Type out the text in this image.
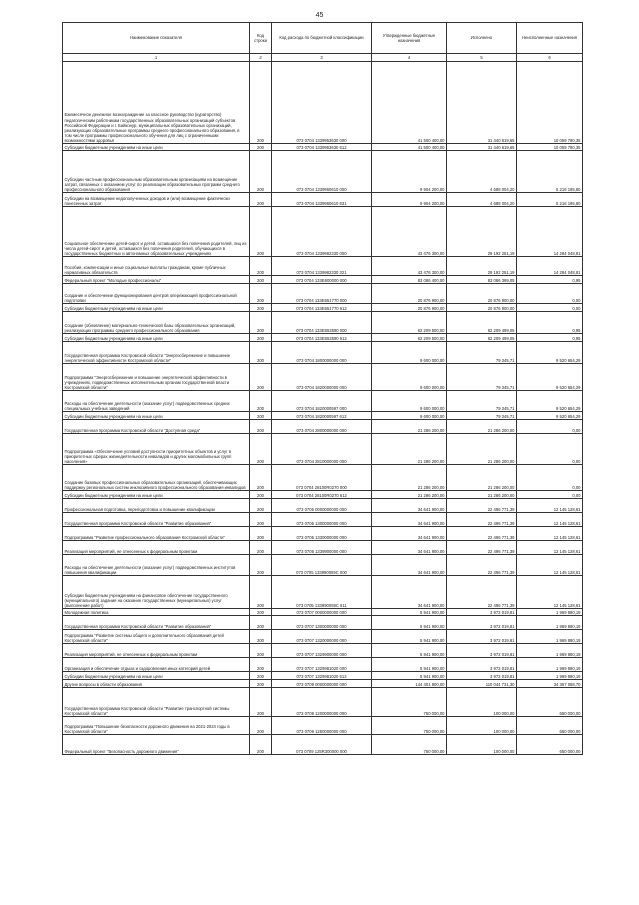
45
Наименование показателя	Код строки	Код расхода по бюджетной классификации	Утвержденные бюджетные назначения	Исполнено	Неисполненные назначения
1	2	3	4	5	6
Ежемесячное денежное вознаграждение за классное руководство (кураторство) педагогическим работникам государственных образовательных организаций субъектов Российской Федерации и г. Байконур, муниципальных образовательных организаций, реализующих образовательные программы среднего профессионального образования, в том числе программы профессионального обучения для лиц с ограниченными возможностями здоровья	200	073 0704 1339953630 000	41 500 400,00	31 440 619,65	10 059 780,35
Субсидии бюджетным учреждениям на иные цели	200	073 0704 1339953630 612	41 500 400,00	31 440 619,65	10 059 780,35
Субсидии частным профессиональным образовательным организациям на возмещение затрат, связанных с оказанием услуг по реализации образовательных программ среднего профессионального образования	200	073 0704 1339960610 000	9 904 200,00	4 688 004,20	5 216 195,80
Субсидии на возмещение недополученных доходов и (или) возмещение фактически понесенных затрат	200	073 0704 1339960610 631	9 904 200,00	4 688 004,20	5 216 195,80
Социальное обеспечение детей-сирот и детей, оставшихся без попечения родителей, лиц из числа детей-сирот и детей, оставшихся без попечения родителей, обучающихся в государственных бюджетных и автономных образовательных учреждениях	200	073 0704 1339982330 000	43 476 300,00	29 192 251,19	14 284 048,81
Пособия, компенсации и иные социальные выплаты гражданам, кроме публичных нормативных обязательств	200	073 0704 1339982330 321	43 476 300,00	29 192 251,19	14 284 048,81
Федеральный проект "Молодые профессионалы"	200	073 0704 133E600000 000	83 086 400,00	83 086 399,05	0,95
Создание и обеспечение функционирования центров опережающей профессиональной подготовки	200	073 0704 133E651770 000	20 876 900,00	20 876 900,00	0,00
Субсидии бюджетным учреждениям на иные цели	200	073 0704 133E651770 612	20 876 900,00	20 876 900,00	0,00
Создание (обновление) материально-технической базы образовательных организаций, реализующих программы среднего профессионального образования	200	073 0704 133E653590 000	62 209 500,00	62 209 499,05	0,95
Субсидии бюджетным учреждениям на иные цели	200	073 0704 133E653590 612	62 209 500,00	62 209 499,05	0,95
Государственная программа Костромской области "Энергосбережение и повышение энергетической эффективности Костромской области"	200	073 0704 1800000000 000	9 600 000,00	79 345,71	9 520 654,29
Подпрограмма "Энергосбережение и повышение энергетической эффективности в учреждениях, подведомственных исполнительным органам государственной власти Костромской области"	200	073 0704 1820000000 000	9 600 000,00	79 345,71	9 520 654,29
Расходы на обеспечение деятельности (оказание услуг) подведомственных средних специальных учебных заведений	200	073 0704 1820000597 000	9 600 000,00	79 345,71	9 520 654,29
Субсидии бюджетным учреждениям на иные цели	200	073 0704 1820000597 612	9 600 000,00	79 345,71	9 520 654,29
Государственная программа Костромской области "Доступная среда"	200	073 0704 2800000000 000	21 286 200,00	21 286 200,00	0,00
Подпрограмма «Обеспечение условий доступности приоритетных объектов и услуг в приоритетных сферах жизнедеятельности инвалидов и других маломобильных групп населения»	200	073 0704 2810000000 000	21 286 200,00	21 286 200,00	0,00
Создание базовых профессиональных образовательных организаций, обеспечивающих поддержку региональных систем инклюзивного профессионального образования инвалидов	200	073 0704 28100R0270 000	21 286 200,00	21 286 200,00	0,00
Субсидии бюджетным учреждениям на иные цели	200	073 0704 28100R0270 612	21 286 200,00	21 286 200,00	0,00
Профессиональная подготовка, переподготовка и повышение квалификации	200	073 0705 0000000000 000	34 641 900,00	22 496 771,39	12 145 128,61
Государственная программа Костромской области "Развитие образования"	200	073 0705 1300000000 000	34 641 900,00	22 496 771,39	12 145 128,61
Подпрограмма "Развитие профессионального образования Костромской области"	200	073 0705 1330000000 000	34 641 900,00	22 496 771,39	12 145 128,61
Реализация мероприятий, не отнесенных к федеральным проектам	200	073 0705 1339900000 000	34 641 900,00	22 496 771,39	12 145 128,61
Расходы на обеспечение деятельности (оказание услуг) подведомственных институтов повышения квалификации	200	073 0705 133990059С 000	34 641 900,00	22 496 771,39	12 145 128,61
Субсидии бюджетным учреждениям на финансовое обеспечение государственного (муниципального) задания на оказание государственных (муниципальных) услуг (выполнение работ)	200	073 0705 133990059С 611	34 641 900,00	22 496 771,39	12 145 128,61
Молодежная политика	200	073 0707 0000000000 000	5 941 900,00	3 972 019,81	1 969 880,19
Государственная программа Костромской области "Развитие образования"	200	073 0707 1300000000 000	5 941 900,00	3 972 019,81	1 969 880,19
Подпрограмма "Развитие системы общего и дополнительного образования детей Костромской области"	200	073 0707 1320000000 000	5 941 900,00	3 972 019,81	1 969 880,19
Реализация мероприятий, не отнесенных к федеральным проектам	200	073 0707 1329900000 000	5 941 900,00	3 972 019,81	1 969 880,19
Организация и обеспечение отдыха и оздоровления иных категорий детей	200	073 0707 1329981020 000	5 941 900,00	3 972 019,81	1 969 880,19
Субсидии бюджетным учреждениям на иные цели	200	073 0707 1329981020 612	5 941 900,00	3 972 019,81	1 969 880,19
Другие вопросы в области образования	200	073 0709 0000000000 000	144 401 800,00	110 044 731,30	34 357 068,70
Государственная программа Костромской области "Развитие транспортной системы Костромской области"	200	073 0709 1200000000 000	750 000,00	100 000,00	650 000,00
Подпрограмма "Повышение безопасности дорожного движения на 2021-2024 годы в Костромской области"	200	073 0709 1250000000 000	750 000,00	100 000,00	650 000,00
Федеральный проект "Безопасность дорожного движения"	200	073 0709 125R300000 000	750 000,00	100 000,00	650 000,00
